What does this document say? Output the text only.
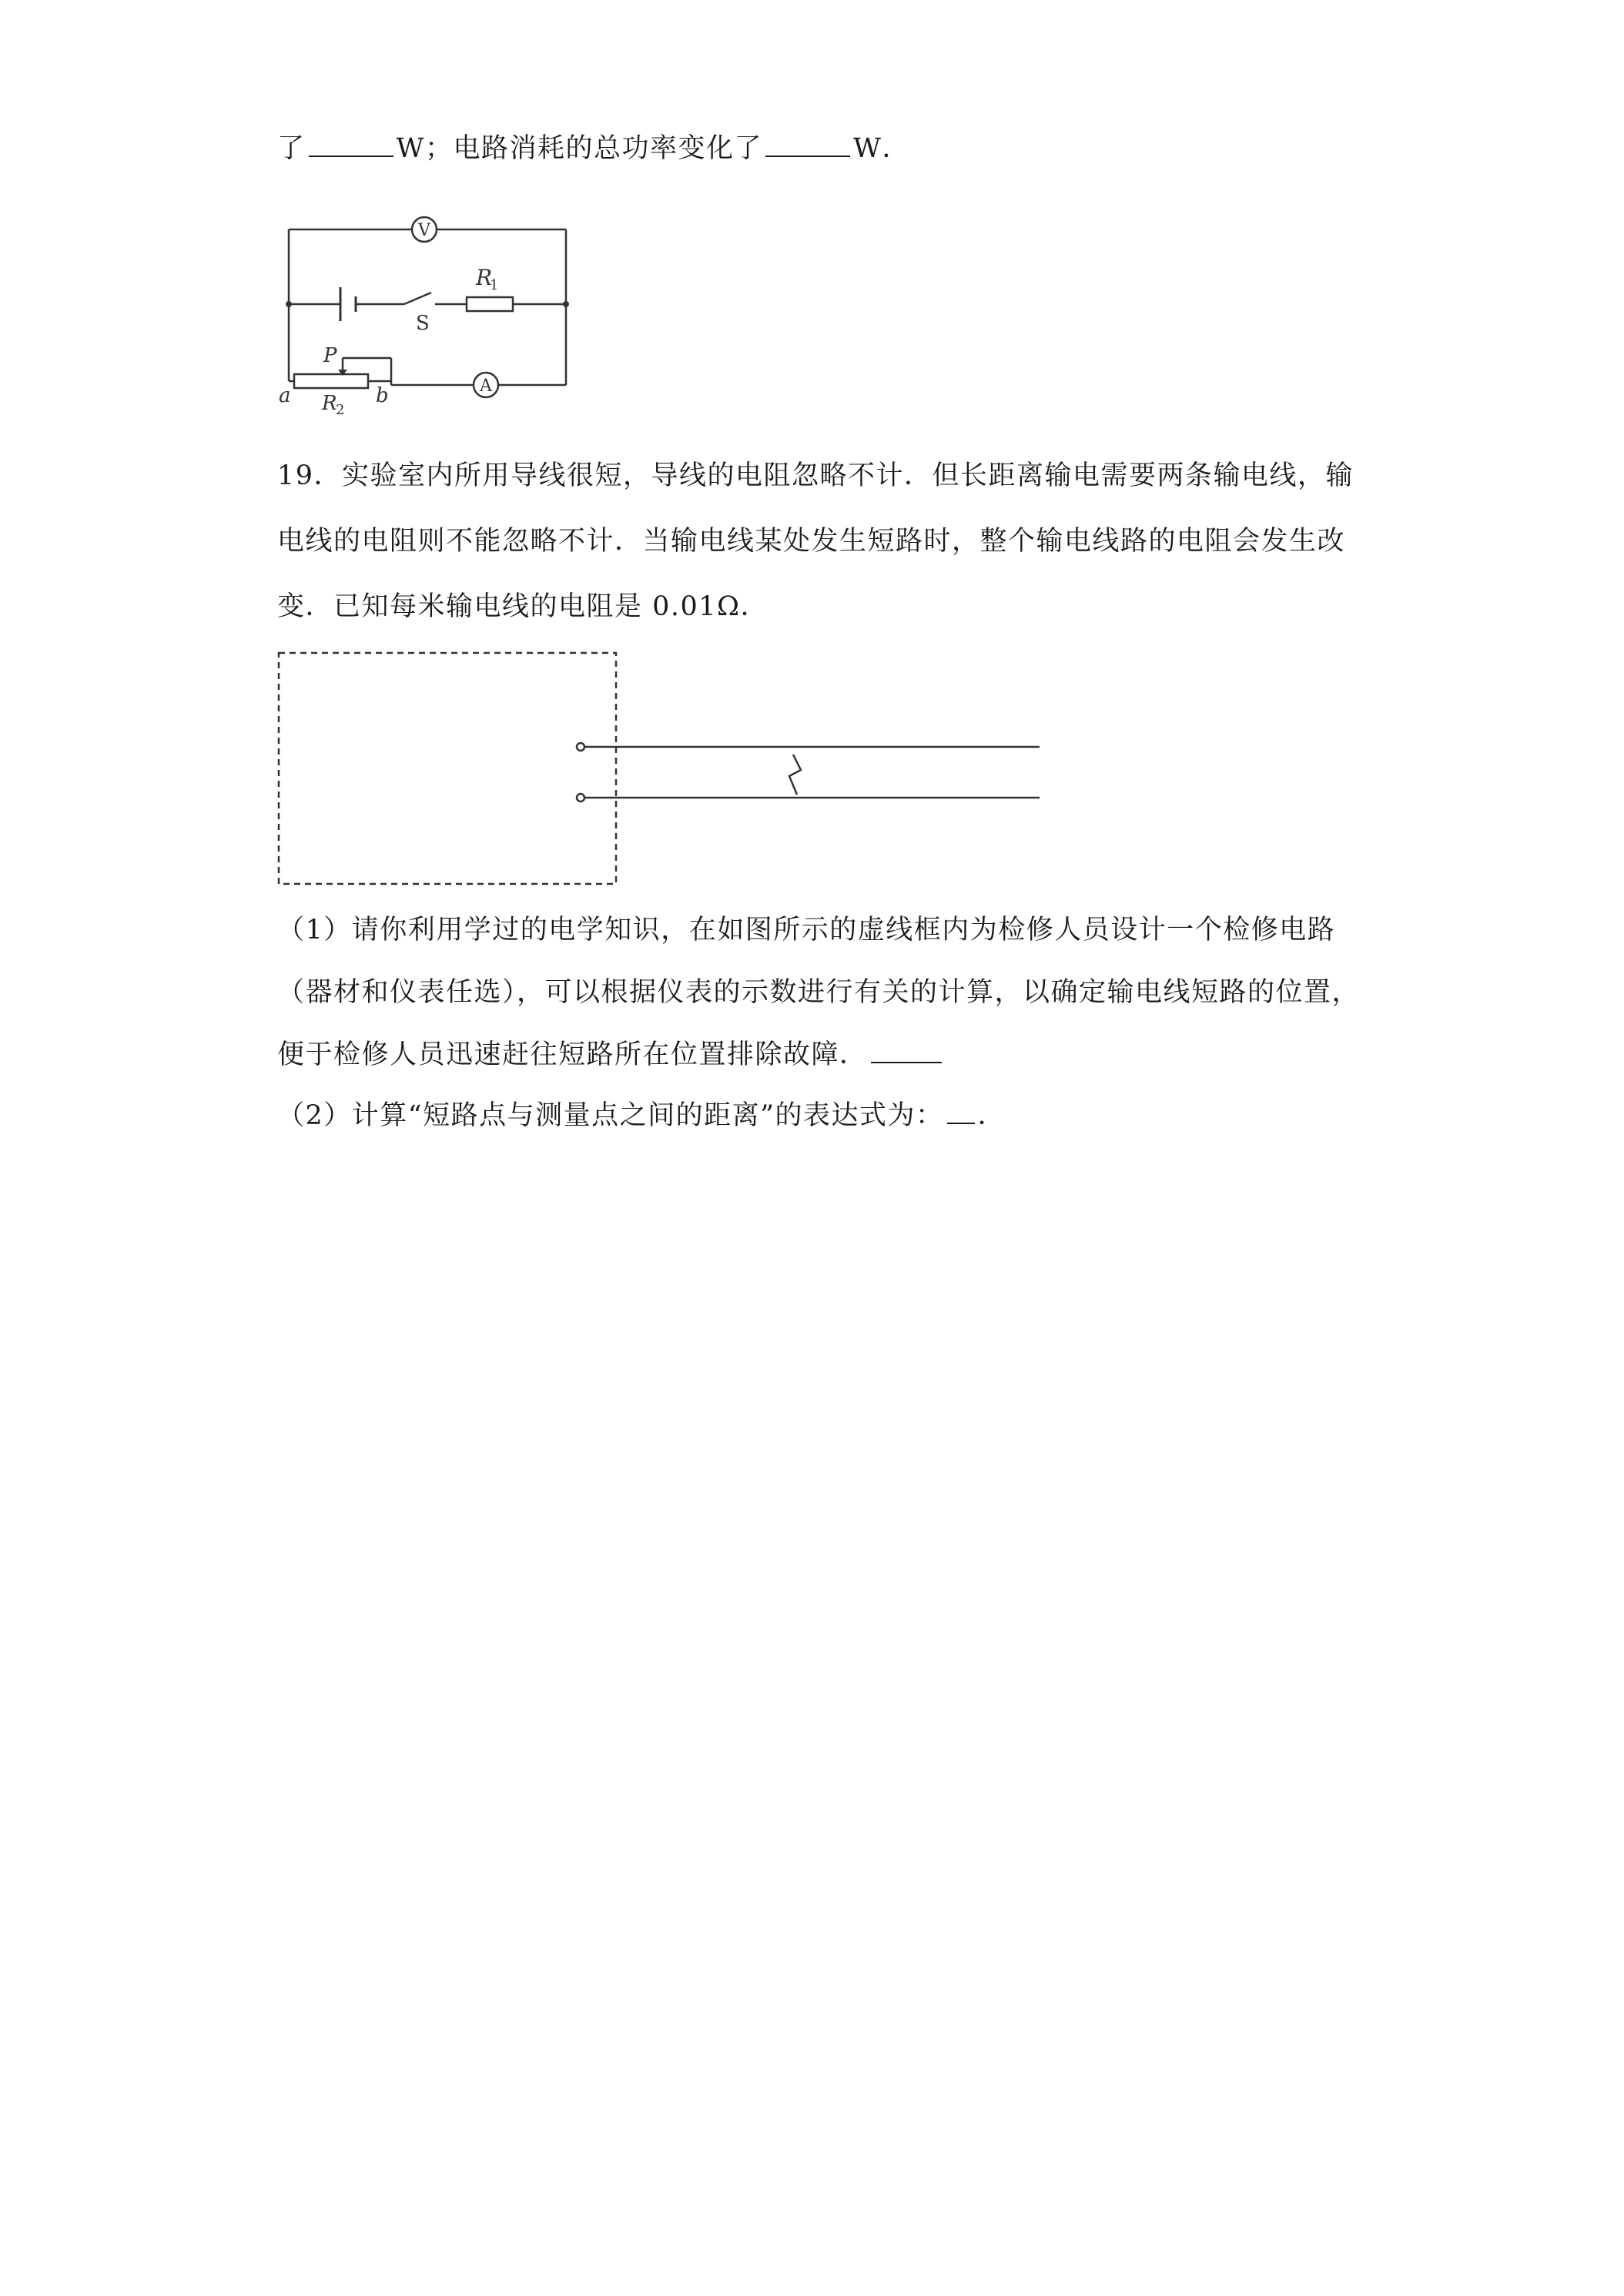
了	W；电路消耗的总功率变化了	W．
V
A
S
R
1
P
a R
2
b
19．实验室内所用导线很短，导线的电阻忽略不计．但长距离输电需要两条输电线，输
电线的电阻则不能忽略不计．当输电线某处发生短路时，整个输电线路的电阻会发生改
变．已知每米输电线的电阻是 0.01Ω．
（1）请你利用学过的电学知识，在如图所示的虚线框内为检修人员设计一个检修电路
（器材和仪表任选），可以根据仪表的示数进行有关的计算，以确定输电线短路的位置，
便于检修人员迅速赶往短路所在位置排除故障．
（2）计算“短路点与测量点之间的距离”的表达式为： ．
